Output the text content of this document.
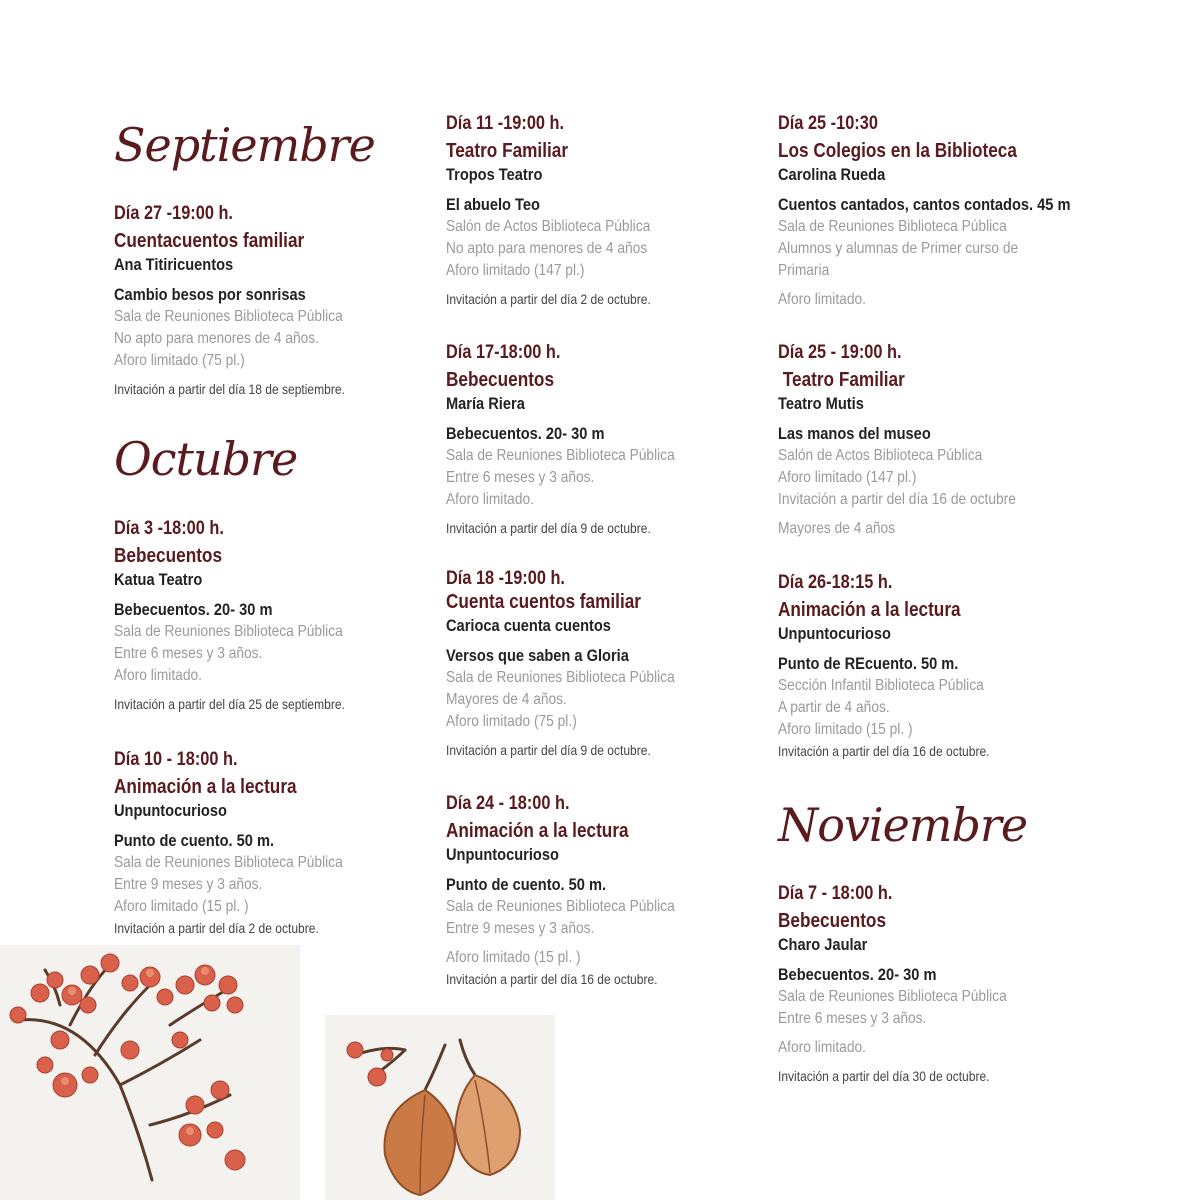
Septiembre
Día 27 -19:00 h.
Cuentacuentos familiar
Ana Titiricuentos
Cambio besos por sonrisas
Sala de Reuniones Biblioteca Pública
No apto para menores de 4 años.
Aforo limitado (75 pl.)
Invitación a partir del día 18 de septiembre.
Octubre
Día 3 -18:00 h.
Bebecuentos
Katua Teatro
Bebecuentos. 20- 30 m
Sala de Reuniones Biblioteca Pública
Entre 6 meses y 3 años.
Aforo limitado.
Invitación a partir del día 25 de septiembre.
Día 10 - 18:00 h.
Animación a la lectura
Unpuntocurioso
Punto de cuento. 50 m.
Sala de Reuniones Biblioteca Pública
Entre 9 meses y 3 años.
Aforo limitado (15 pl. )
Invitación a partir del día 2 de octubre.
Día 11 -19:00 h.
Teatro Familiar
Tropos Teatro
El abuelo Teo
Salón de Actos Biblioteca Pública
No apto para menores de 4 años
Aforo limitado (147 pl.)
Invitación a partir del día 2 de octubre.
Día 17-18:00 h.
Bebecuentos
María Riera
Bebecuentos. 20- 30 m
Sala de Reuniones Biblioteca Pública
Entre 6 meses y 3 años.
Aforo limitado.
Invitación a partir del día 9 de octubre.
Día 18 -19:00 h.
Cuenta cuentos familiar
Carioca cuenta cuentos
Versos que saben a Gloria
Sala de Reuniones Biblioteca Pública
Mayores de 4 años.
Aforo limitado (75 pl.)
Invitación a partir del día 9 de octubre.
Día 24 - 18:00 h.
Animación a la lectura
Unpuntocurioso
Punto de cuento. 50 m.
Sala de Reuniones Biblioteca Pública
Entre 9 meses y 3 años.
Aforo limitado (15 pl. )
Invitación a partir del día 16 de octubre.
Día 25 -10:30
Los Colegios en la Biblioteca
Carolina Rueda
Cuentos cantados, cantos contados. 45 m
Sala de Reuniones Biblioteca Pública
Alumnos y alumnas de Primer curso de
Primaria
Aforo limitado.
Día 25 - 19:00 h.
Teatro Familiar
Teatro Mutis
Las manos del museo
Salón de Actos Biblioteca Pública
Aforo limitado (147 pl.)
Invitación a partir del día 16 de octubre
Mayores de 4 años
Día 26-18:15 h.
Animación a la lectura
Unpuntocurioso
Punto de REcuento. 50 m.
Sección Infantil Biblioteca Pública
A partir de 4 años.
Aforo limitado (15 pl. )
Invitación a partir del día 16 de octubre.
Noviembre
Día 7 - 18:00 h.
Bebecuentos
Charo Jaular
Bebecuentos. 20- 30 m
Sala de Reuniones Biblioteca Pública
Entre 6 meses y 3 años.
Aforo limitado.
Invitación a partir del día 30 de octubre.
